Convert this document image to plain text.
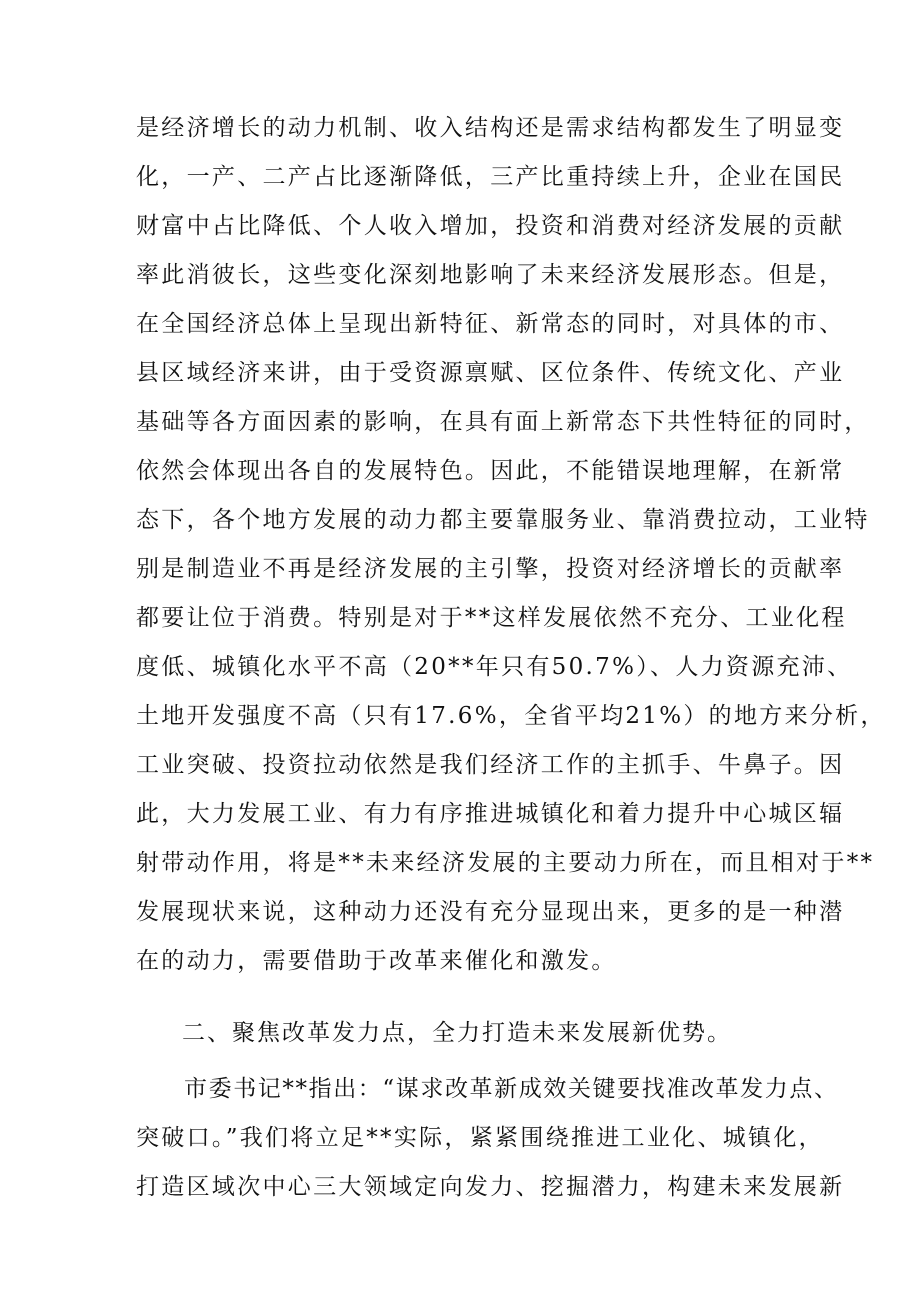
是经济增长的动力机制、收入结构还是需求结构都发生了明显变
化，一产、二产占比逐渐降低，三产比重持续上升，企业在国民
财富中占比降低、个人收入增加，投资和消费对经济发展的贡献
率此消彼长，这些变化深刻地影响了未来经济发展形态。但是，
在全国经济总体上呈现出新特征、新常态的同时，对具体的市、
县区域经济来讲，由于受资源禀赋、区位条件、传统文化、产业
基础等各方面因素的影响，在具有面上新常态下共性特征的同时，
依然会体现出各自的发展特色。因此，不能错误地理解，在新常
态下，各个地方发展的动力都主要靠服务业、靠消费拉动，工业特
别是制造业不再是经济发展的主引擎，投资对经济增长的贡献率
都要让位于消费。特别是对于**这样发展依然不充分、工业化程
度低、城镇化水平不高（20**年只有50.7%）、人力资源充沛、
土地开发强度不高（只有17.6%，全省平均21%）的地方来分析，
工业突破、投资拉动依然是我们经济工作的主抓手、牛鼻子。因
此，大力发展工业、有力有序推进城镇化和着力提升中心城区辐
射带动作用，将是**未来经济发展的主要动力所在，而且相对于**
发展现状来说，这种动力还没有充分显现出来，更多的是一种潜
在的动力，需要借助于改革来催化和激发。
二、聚焦改革发力点，全力打造未来发展新优势。
市委书记**指出：“谋求改革新成效关键要找准改革发力点、
突破口。”我们将立足**实际，紧紧围绕推进工业化、城镇化，
打造区域次中心三大领域定向发力、挖掘潜力，构建未来发展新
